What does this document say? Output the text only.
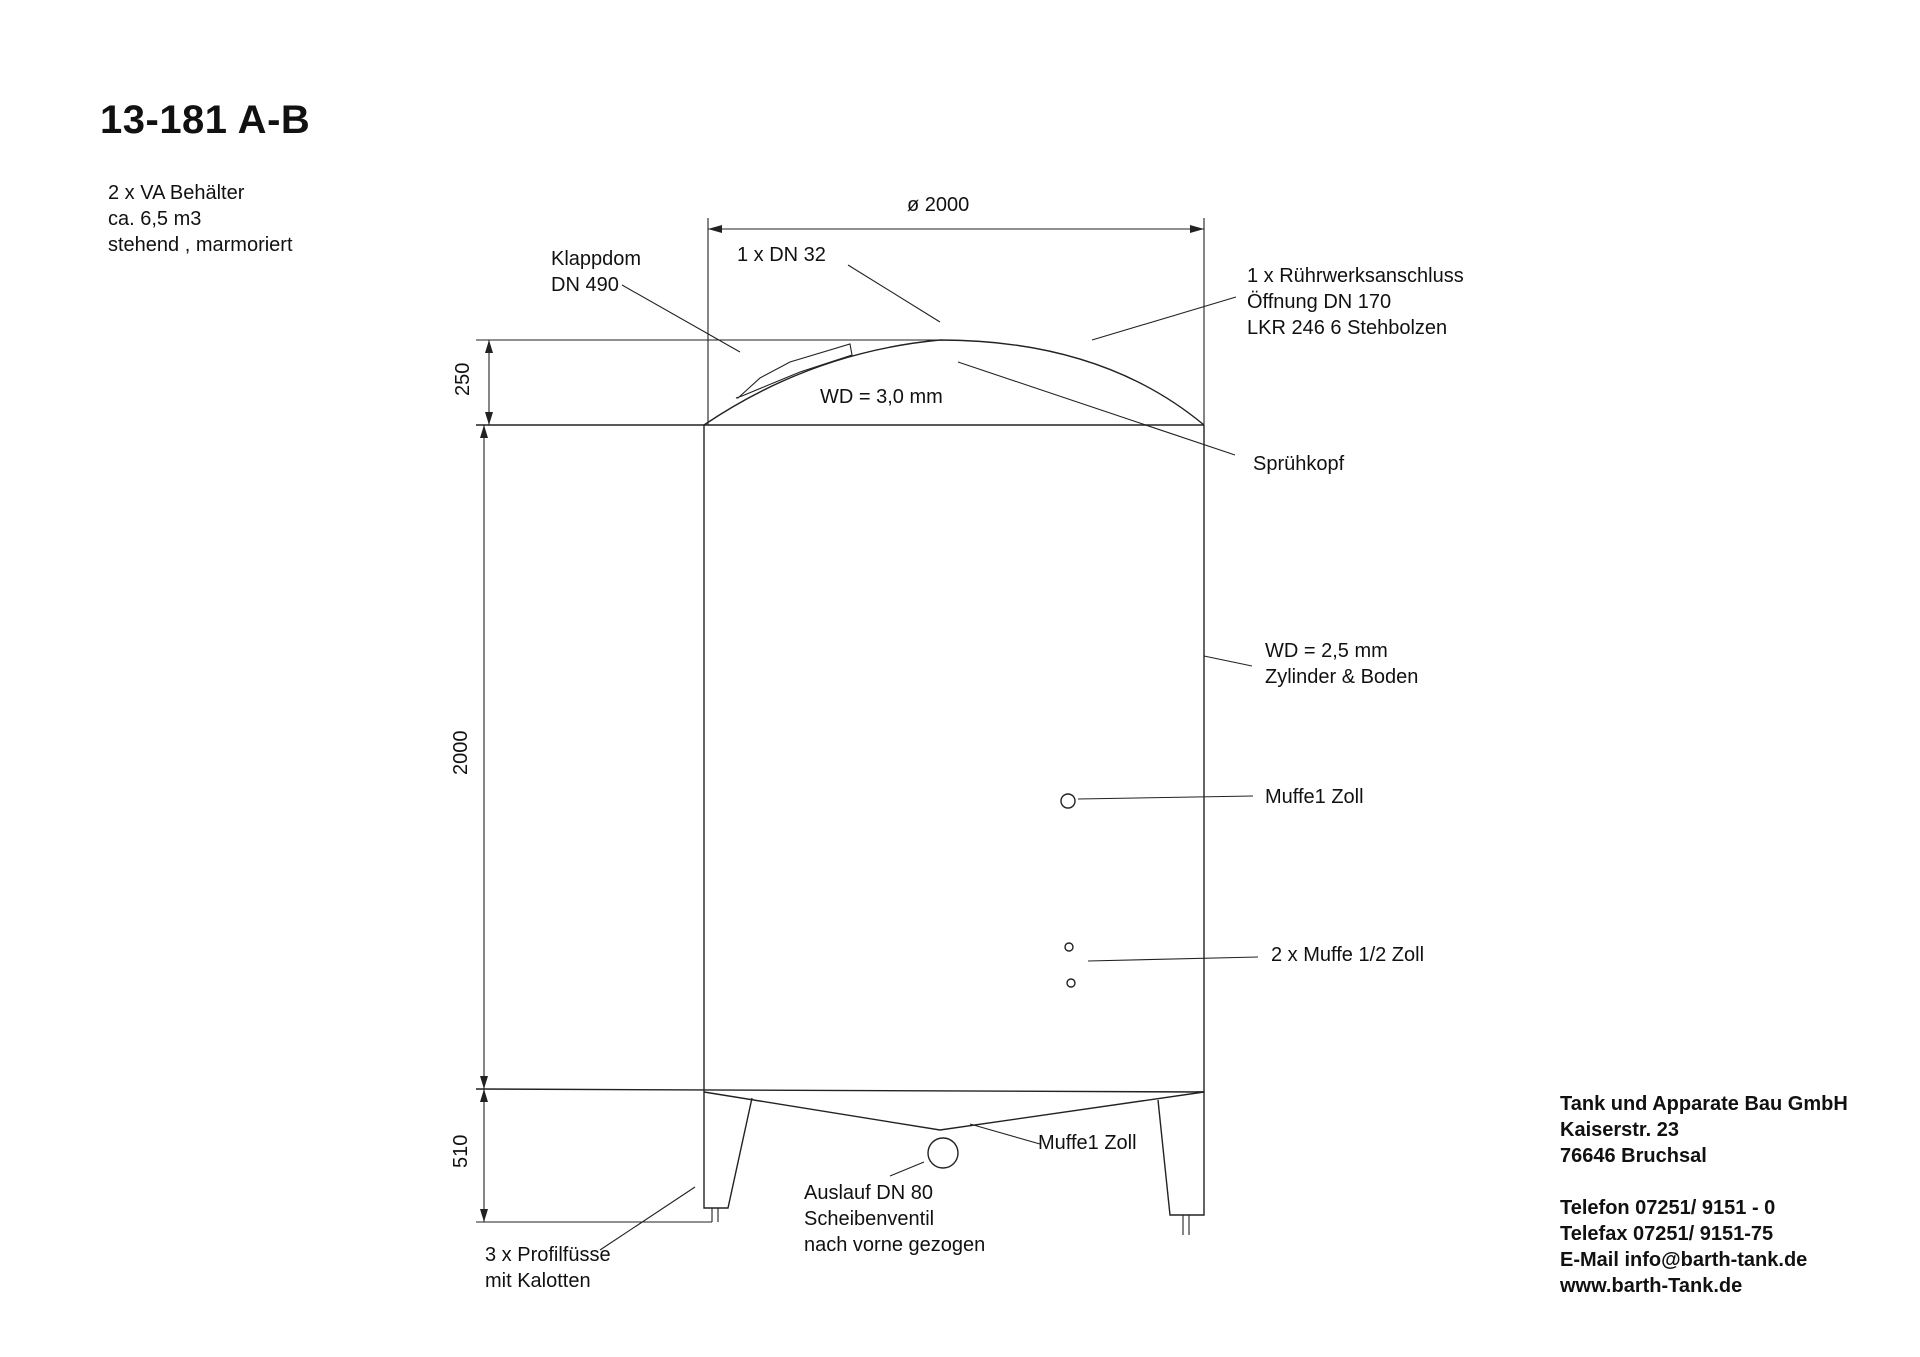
13-181 A-B
2 x VA Behälter
ca. 6,5 m3
stehend , marmoriert
ø 2000
250
2000
510
Klappdom
DN 490
1 x DN 32
1 x Rührwerksanschluss
Öffnung DN 170
LKR 246 6 Stehbolzen
WD = 3,0 mm
Sprühkopf
WD = 2,5 mm
Zylinder & Boden
Muffe1 Zoll
2 x Muffe 1/2 Zoll
Muffe1 Zoll
Auslauf DN 80
Scheibenventil
nach vorne gezogen
3 x Profilfüsse
mit Kalotten
Tank und Apparate Bau GmbH
Kaiserstr. 23
76646 Bruchsal
Telefon 07251/ 9151 - 0
Telefax 07251/ 9151-75
E-Mail info@barth-tank.de
www.barth-Tank.de
